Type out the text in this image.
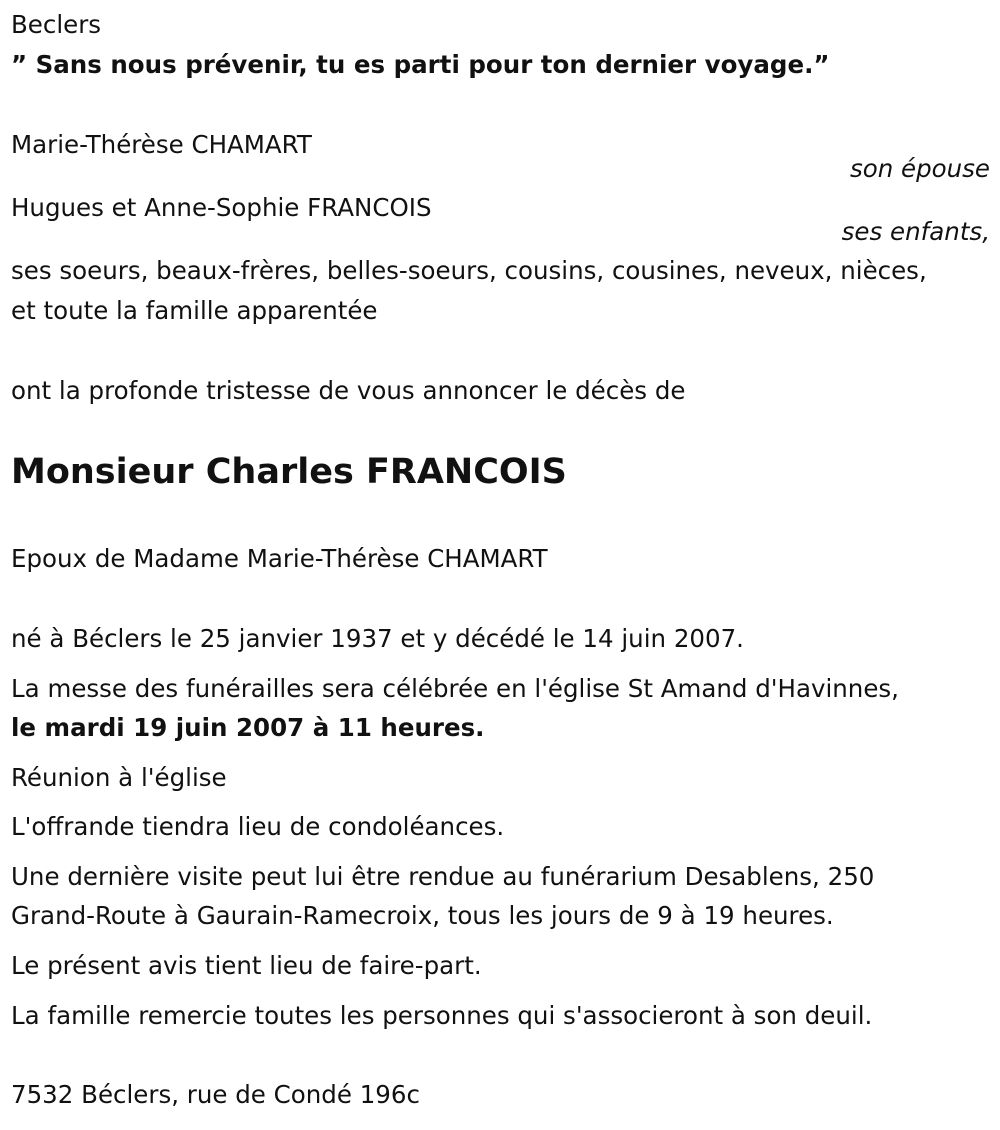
Beclers
” Sans nous prévenir, tu es parti pour ton dernier voyage.”
Marie-Thérèse CHAMART
son épouse
Hugues et Anne-Sophie FRANCOIS
ses enfants,
ses soeurs, beaux-frères, belles-soeurs, cousins, cousines, neveux, nièces,
et toute la famille apparentée
ont la profonde tristesse de vous annoncer le décès de
Monsieur Charles FRANCOIS
Epoux de Madame Marie-Thérèse CHAMART
né à Béclers le 25 janvier 1937 et y décédé le 14 juin 2007.
La messe des funérailles sera célébrée en l'église St Amand d'Havinnes,
le mardi 19 juin 2007 à 11 heures.
Réunion à l'église
L'offrande tiendra lieu de condoléances.
Une dernière visite peut lui être rendue au funérarium Desablens, 250
Grand-Route à Gaurain-Ramecroix, tous les jours de 9 à 19 heures.
Le présent avis tient lieu de faire-part.
La famille remercie toutes les personnes qui s'associeront à son deuil.
7532 Béclers, rue de Condé 196c
